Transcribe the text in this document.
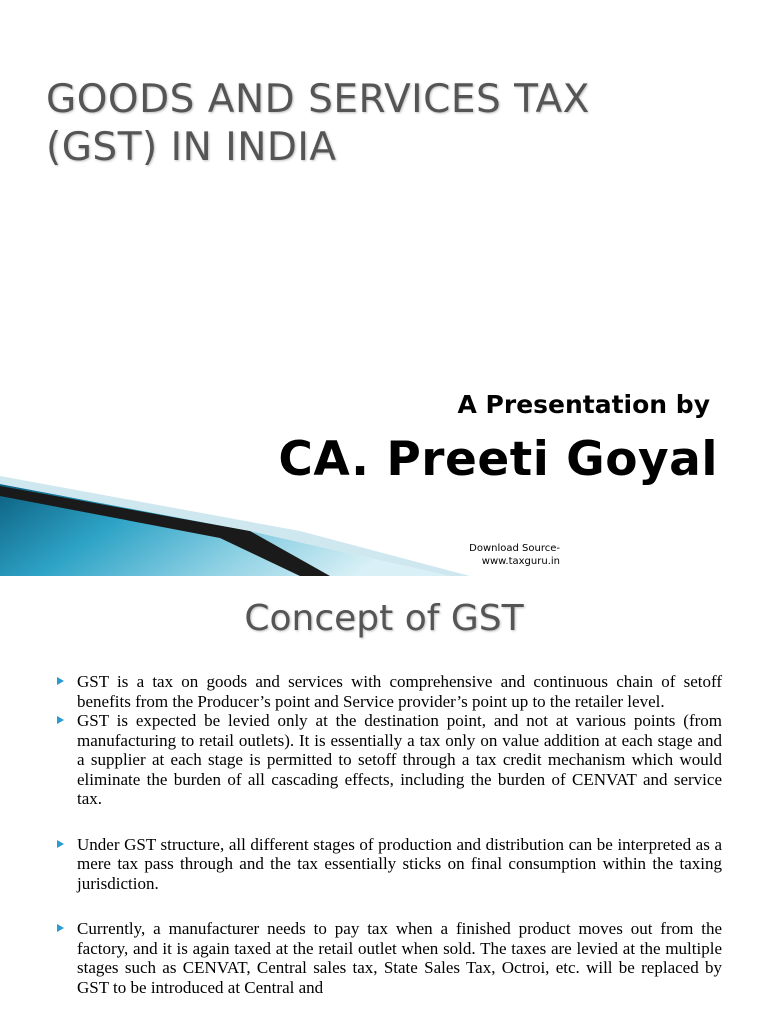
GOODS AND SERVICES TAX
(GST) IN INDIA
A Presentation by
CA. Preeti Goyal
Download Source-
www.taxguru.in
Concept of GST
GST is a tax on goods and services with comprehensive and continuous chain of setoff benefits from the Producer’s point and Service provider’s point up to the retailer level.
GST is expected be levied only at the destination point, and not at various points (from manufacturing to retail outlets). It is essentially a tax only on value addition at each stage and a supplier at each stage is permitted to setoff through a tax credit mechanism which would eliminate the burden of all cascading effects, including the burden of CENVAT and service tax.
Under GST structure, all different stages of production and distribution can be interpreted as a mere tax pass through and the tax essentially sticks on final consumption within the taxing jurisdiction.
Currently, a manufacturer needs to pay tax when a finished product moves out from the factory, and it is again taxed at the retail outlet when sold. The taxes are levied at the multiple stages such as CENVAT, Central sales tax, State Sales Tax, Octroi, etc. will be replaced by GST to be introduced at Central and
